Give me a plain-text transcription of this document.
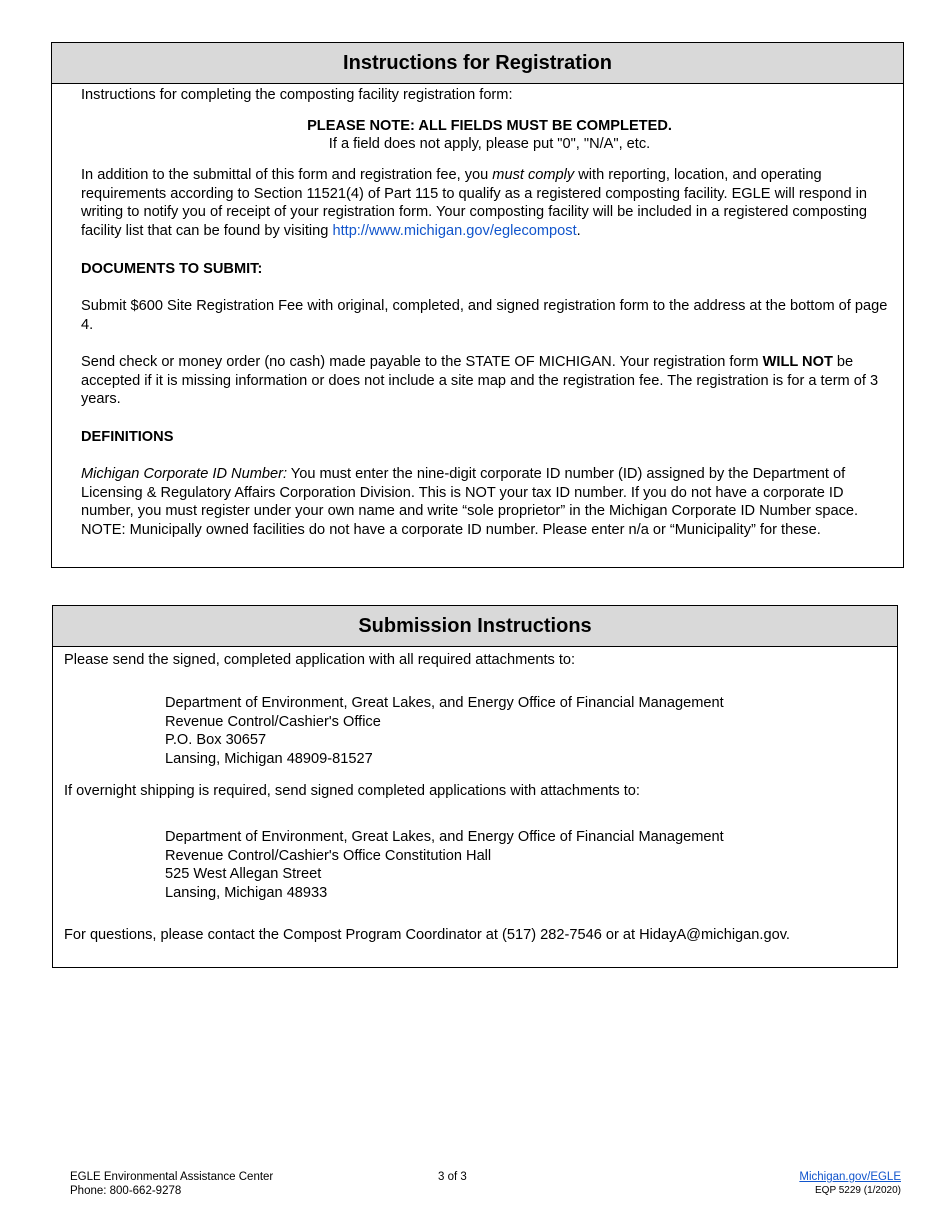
Instructions for Registration
Instructions for completing the composting facility registration form:
PLEASE NOTE: ALL FIELDS MUST BE COMPLETED.
If a field does not apply, please put "0", "N/A", etc.
In addition to the submittal of this form and registration fee, you must comply with reporting, location, and operating requirements according to Section 11521(4) of Part 115 to qualify as a registered composting facility. EGLE will respond in writing to notify you of receipt of your registration form. Your composting facility will be included in a registered composting facility list that can be found by visiting http://www.michigan.gov/eglecompost.
DOCUMENTS TO SUBMIT:
Submit $600 Site Registration Fee with original, completed, and signed registration form to the address at the bottom of page 4.
Send check or money order (no cash) made payable to the STATE OF MICHIGAN. Your registration form WILL NOT be accepted if it is missing information or does not include a site map and the registration fee. The registration is for a term of 3 years.
DEFINITIONS
Michigan Corporate ID Number: You must enter the nine-digit corporate ID number (ID) assigned by the Department of Licensing & Regulatory Affairs Corporation Division. This is NOT your tax ID number. If you do not have a corporate ID number, you must register under your own name and write “sole proprietor” in the Michigan Corporate ID Number space. NOTE: Municipally owned facilities do not have a corporate ID number. Please enter n/a or “Municipality” for these.
Submission Instructions
Please send the signed, completed application with all required attachments to:
Department of Environment, Great Lakes, and Energy Office of Financial Management
Revenue Control/Cashier's Office
P.O. Box 30657
Lansing, Michigan 48909-81527
If overnight shipping is required, send signed completed applications with attachments to:
Department of Environment, Great Lakes, and Energy Office of Financial Management
Revenue Control/Cashier's Office Constitution Hall
525 West Allegan Street
Lansing, Michigan 48933
For questions, please contact the Compost Program Coordinator at (517) 282-7546 or at HidayA@michigan.gov.
EGLE Environmental Assistance Center
Phone: 800-662-9278
3 of 3	Michigan.gov/EGLE
EQP 5229 (1/2020)
